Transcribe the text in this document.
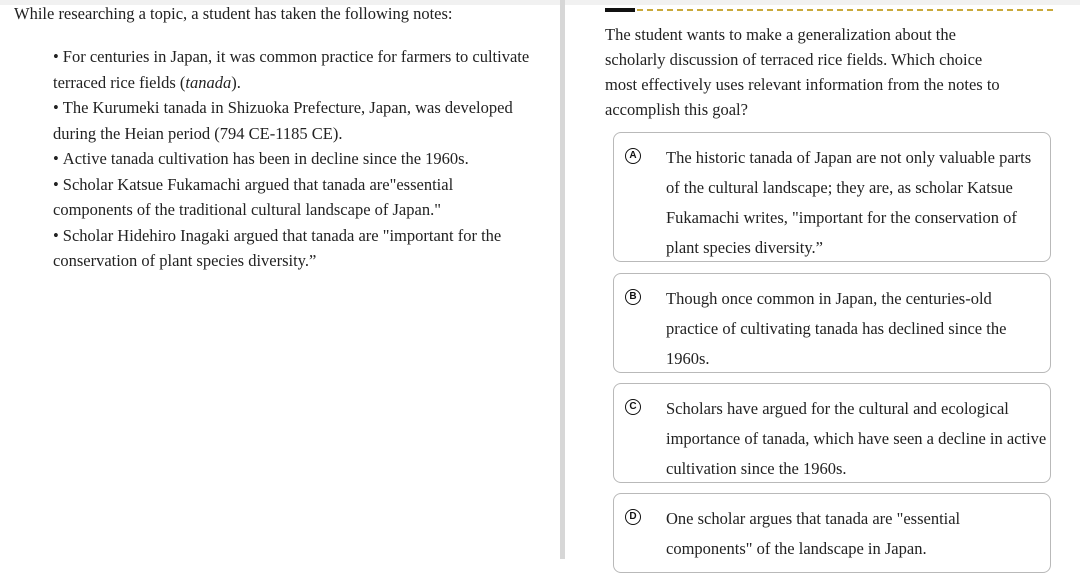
While researching a topic, a student has taken the following notes:

• For centuries in Japan, it was common practice for farmers to cultivate terraced rice fields (tanada).
• The Kurumeki tanada in Shizuoka Prefecture, Japan, was developed during the Heian period (794 CE-1185 CE).
• Active tanada cultivation has been in decline since the 1960s.
• Scholar Katsue Fukamachi argued that tanada are"essential components of the traditional cultural landscape of Japan."
• Scholar Hidehiro Inagaki argued that tanada are "important for the conservation of plant species diversity.”

The student wants to make a generalization about the scholarly discussion of terraced rice fields. Which choice most effectively uses relevant information from the notes to accomplish this goal?

A The historic tanada of Japan are not only valuable parts of the cultural landscape; they are, as scholar Katsue Fukamachi writes, "important for the conservation of plant species diversity.”
B Though once common in Japan, the centuries-old practice of cultivating tanada has declined since the 1960s.
C Scholars have argued for the cultural and ecological importance of tanada, which have seen a decline in active cultivation since the 1960s.
D One scholar argues that tanada are "essential components" of the landscape in Japan.
